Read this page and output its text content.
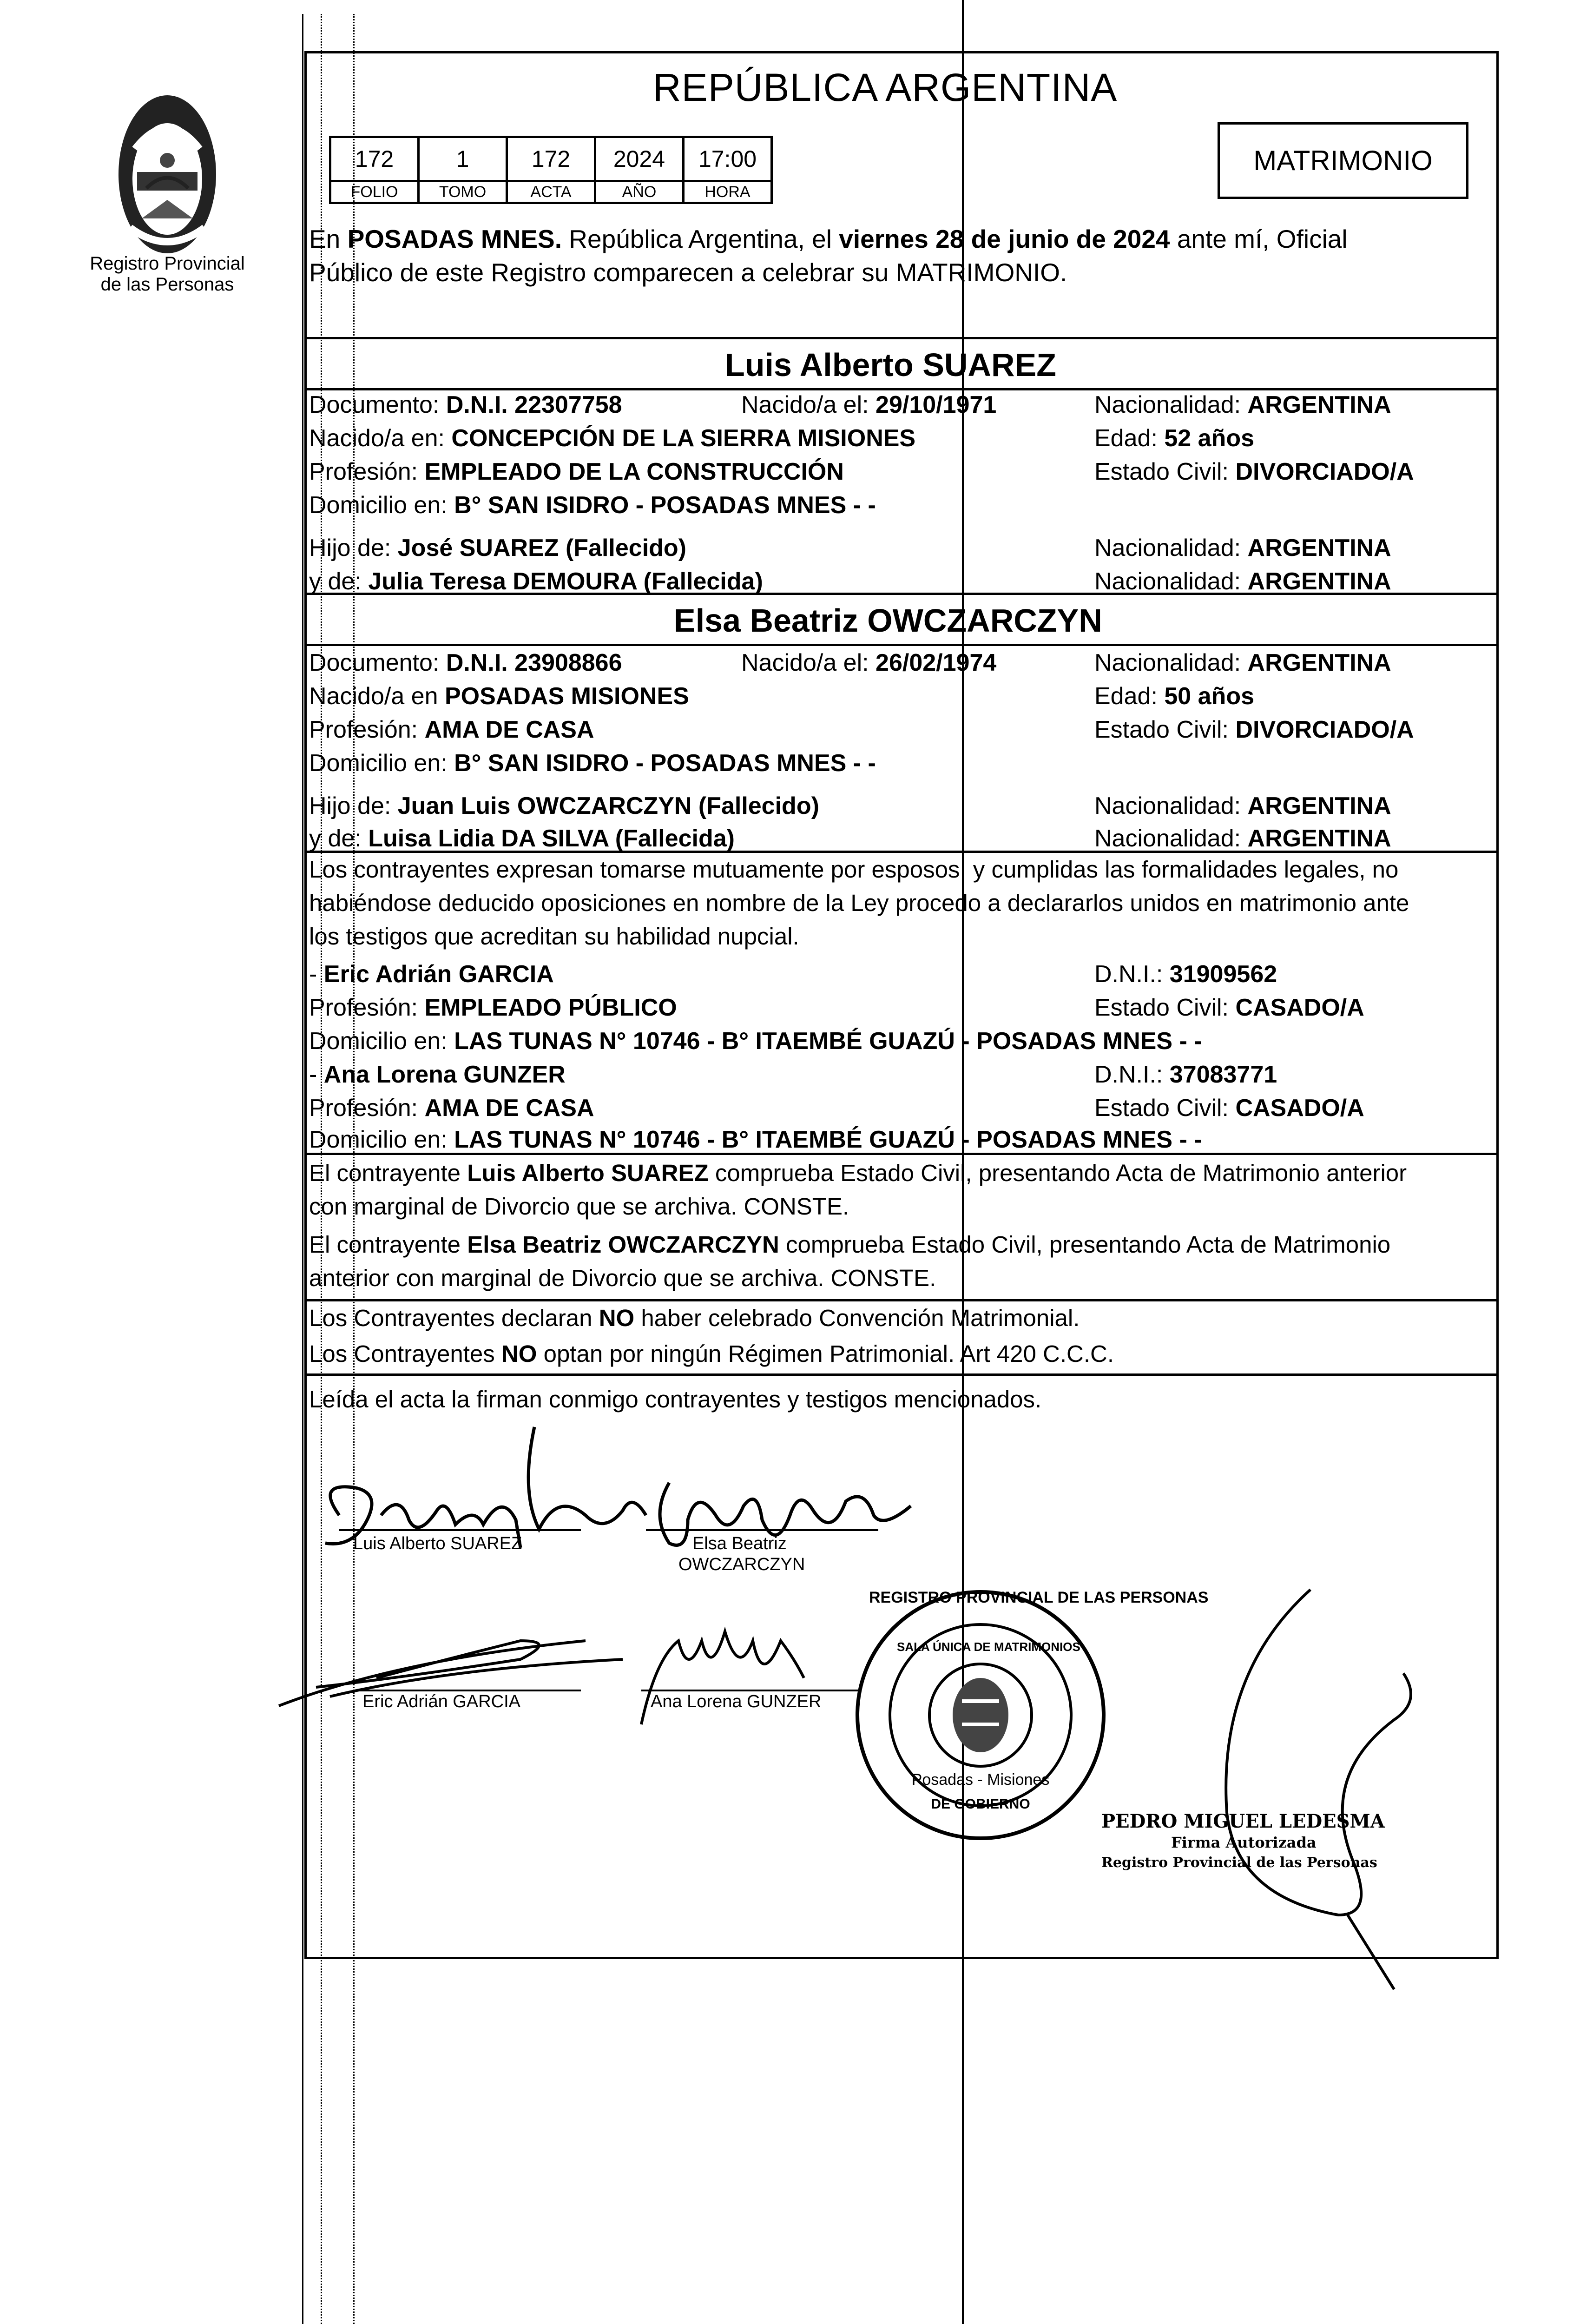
Registro Provincial
de las Personas
REPÚBLICA ARGENTINA
172	1	172	2024	17:00
FOLIO	TOMO	ACTA	AÑO	HORA
MATRIMONIO
En POSADAS MNES. República Argentina, el viernes 28 de junio de 2024 ante mí, Oficial
Público de este Registro comparecen a celebrar su MATRIMONIO.
Luis Alberto SUAREZ
Documento: D.N.I. 22307758	Nacido/a el: 29/10/1971	Nacionalidad: ARGENTINA
Nacido/a en: CONCEPCIÓN DE LA SIERRA MISIONES	Edad: 52 años
Profesión: EMPLEADO DE LA CONSTRUCCIÓN	Estado Civil: DIVORCIADO/A
Domicilio en: B° SAN ISIDRO - POSADAS MNES - -
Hijo de: José SUAREZ (Fallecido)	Nacionalidad: ARGENTINA
y de: Julia Teresa DEMOURA (Fallecida)	Nacionalidad: ARGENTINA
Elsa Beatriz OWCZARCZYN
Documento: D.N.I. 23908866	Nacido/a el: 26/02/1974	Nacionalidad: ARGENTINA
Nacido/a en POSADAS MISIONES	Edad: 50 años
Profesión: AMA DE CASA	Estado Civil: DIVORCIADO/A
Domicilio en: B° SAN ISIDRO - POSADAS MNES - -
Hijo de: Juan Luis OWCZARCZYN (Fallecido)	Nacionalidad: ARGENTINA
y de: Luisa Lidia DA SILVA (Fallecida)	Nacionalidad: ARGENTINA
Los contrayentes expresan tomarse mutuamente por esposos, y cumplidas las formalidades legales, no
habiéndose deducido oposiciones en nombre de la Ley procedo a declararlos unidos en matrimonio ante
los testigos que acreditan su habilidad nupcial.
- Eric Adrián GARCIA	D.N.I.: 31909562
Profesión: EMPLEADO PÚBLICO	Estado Civil: CASADO/A
Domicilio en: LAS TUNAS N° 10746 - B° ITAEMBÉ GUAZÚ - POSADAS MNES - -
- Ana Lorena GUNZER	D.N.I.: 37083771
Profesión: AMA DE CASA	Estado Civil: CASADO/A
Domicilio en: LAS TUNAS N° 10746 - B° ITAEMBÉ GUAZÚ - POSADAS MNES - -
El contrayente Luis Alberto SUAREZ comprueba Estado Civil, presentando Acta de Matrimonio anterior
con marginal de Divorcio que se archiva. CONSTE.
El contrayente Elsa Beatriz OWCZARCZYN comprueba Estado Civil, presentando Acta de Matrimonio
anterior con marginal de Divorcio que se archiva. CONSTE.
Los Contrayentes declaran NO haber celebrado Convención Matrimonial.
Los Contrayentes NO optan por ningún Régimen Patrimonial. Art 420 C.C.C.
Leída el acta la firman conmigo contrayentes y testigos mencionados.
Luis Alberto SUAREZ	Elsa Beatriz
OWCZARCZYN
Eric Adrián GARCIA	Ana Lorena GUNZER
REGISTRO PROVINCIAL DE LAS PERSONAS
SALA ÚNICA DE MATRIMONIOS
Posadas - Misiones
DE GOBIERNO
PEDRO MIGUEL LEDESMA
Firma Autorizada
Registro Provincial de las Personas
